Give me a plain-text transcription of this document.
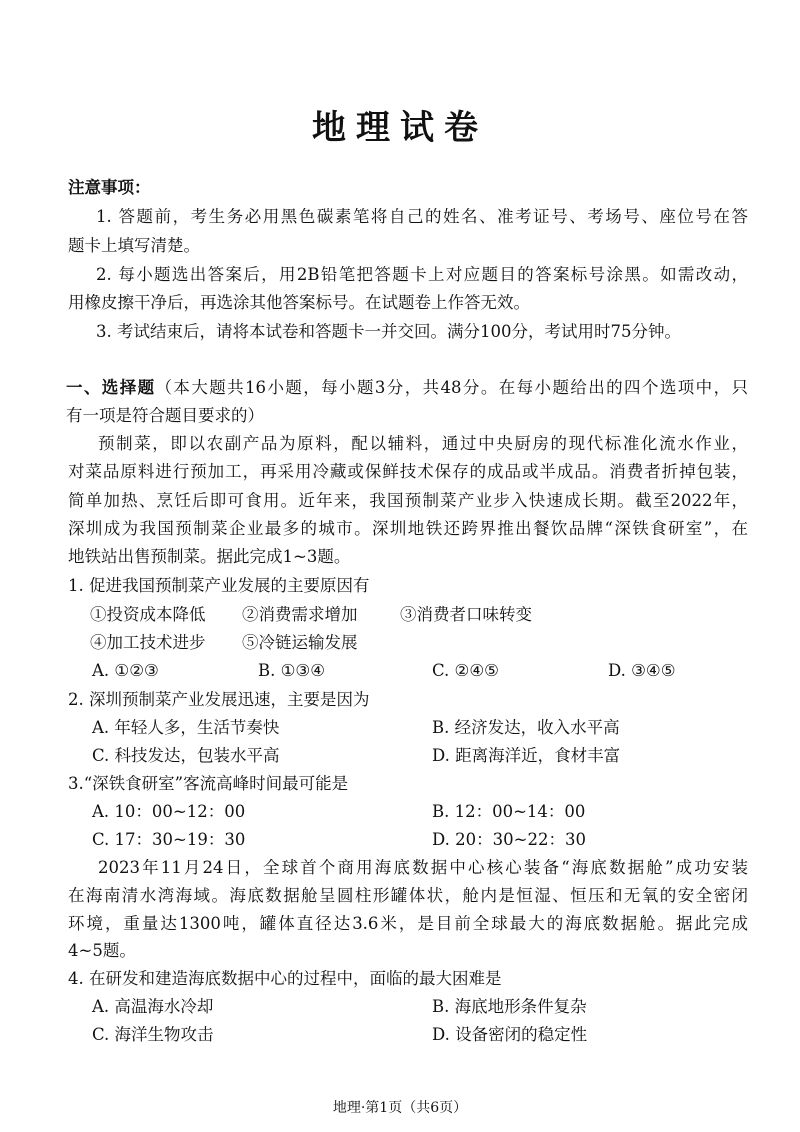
地理试卷
注意事项：
1. 答题前，考生务必用黑色碳素笔将自己的姓名、准考证号、考场号、座位号在答
题卡上填写清楚。
2. 每小题选出答案后，用2B铅笔把答题卡上对应题目的答案标号涂黑。如需改动，
用橡皮擦干净后，再选涂其他答案标号。在试题卷上作答无效。
3. 考试结束后，请将本试卷和答题卡一并交回。满分100分，考试用时75分钟。
一、选择题（本大题共16小题，每小题3分，共48分。在每小题给出的四个选项中，只
有一项是符合题目要求的）
预制菜，即以农副产品为原料，配以辅料，通过中央厨房的现代标准化流水作业，
对菜品原料进行预加工，再采用冷藏或保鲜技术保存的成品或半成品。消费者折掉包装，
简单加热、烹饪后即可食用。近年来，我国预制菜产业步入快速成长期。截至2022年，
深圳成为我国预制菜企业最多的城市。深圳地铁还跨界推出餐饮品牌“深铁食研室”，在
地铁站出售预制菜。据此完成1~3题。
1. 促进我国预制菜产业发展的主要原因有
①投资成本降低 ②消费需求增加	③消费者口味转变
④加工技术进步 ⑤冷链运输发展
A. ①②③	B. ①③④	C. ②④⑤	D. ③④⑤
2. 深圳预制菜产业发展迅速，主要是因为
A. 年轻人多，生活节奏快	B. 经济发达，收入水平高
C. 科技发达，包装水平高	D. 距离海洋近，食材丰富
3.“深铁食研室”客流高峰时间最可能是
A. 10：00~12：00	B. 12：00~14：00
C. 17：30~19：30	D. 20：30~22：30
2023年11月24日，全球首个商用海底数据中心核心装备“海底数据舱”成功安装
在海南清水湾海域。海底数据舱呈圆柱形罐体状，舱内是恒湿、恒压和无氧的安全密闭
环境，重量达1300吨，罐体直径达3.6米，是目前全球最大的海底数据舱。据此完成
4~5题。
4. 在研发和建造海底数据中心的过程中，面临的最大困难是
A. 高温海水冷却	B. 海底地形条件复杂
C. 海洋生物攻击	D. 设备密闭的稳定性
地理·第1页（共6页）
